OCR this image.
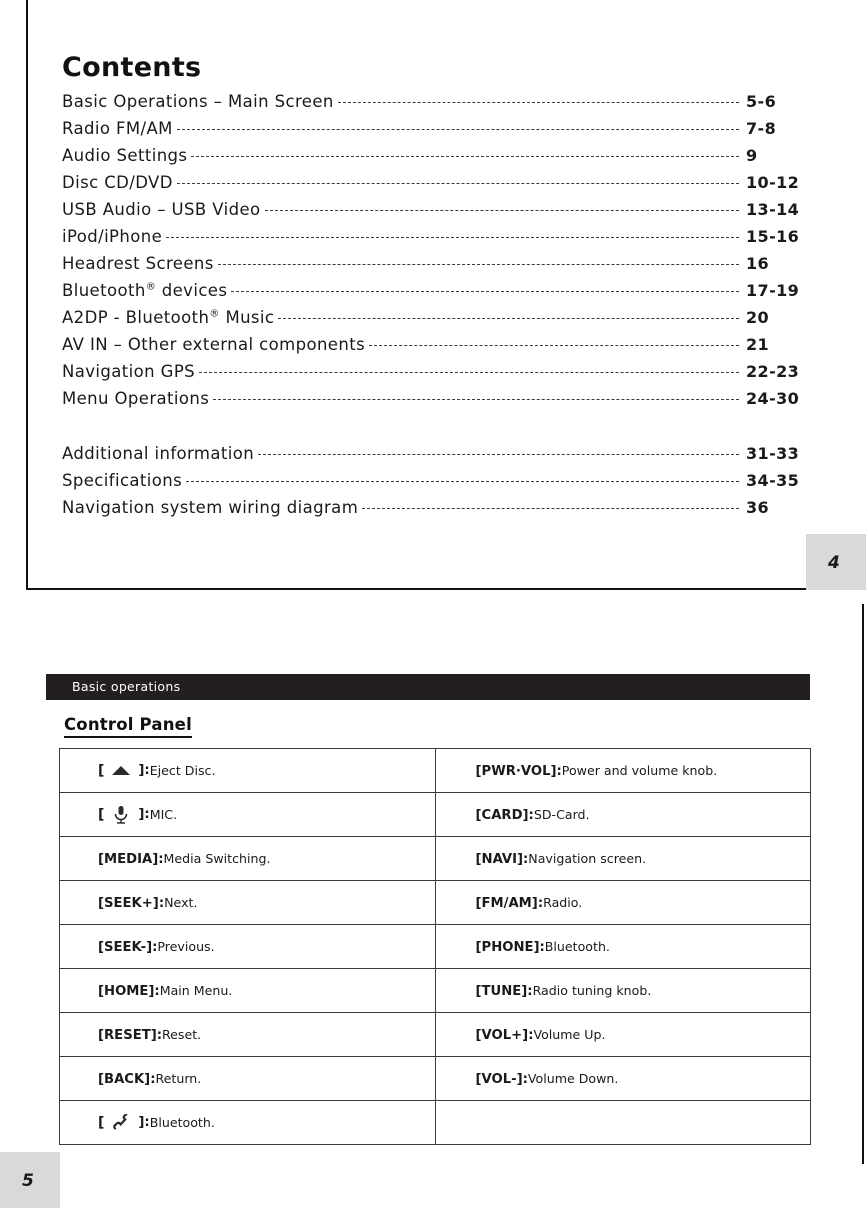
Contents
Basic Operations – Main Screen	5-6
Radio FM/AM	7-8
Audio Settings	9
Disc CD/DVD	10-12
USB Audio – USB Video	13-14
iPod/iPhone	15-16
Headrest Screens	16
Bluetooth® devices	17-19
A2DP - Bluetooth® Music	20
AV IN – Other external components	21
Navigation GPS	22-23
Menu Operations	24-30
Additional information	31-33
Specifications	34-35
Navigation system wiring diagram	36
4
Basic operations
Control Panel
[ ]: Eject Disc.	[PWR·VOL]:Power and volume knob.

[ ]: MIC.	[CARD]:SD-Card.
[MEDIA]:Media Switching.	[NAVI]:Navigation screen.
[SEEK+]:Next.	[FM/AM]:Radio.
[SEEK-]:Previous.	[PHONE]:Bluetooth.
[HOME]:Main Menu.	[TUNE]:Radio tuning knob.
[RESET]:Reset.	[VOL+]:Volume Up.
[BACK]:Return.	[VOL-]:Volume Down.

[ ]: Bluetooth.	

5
